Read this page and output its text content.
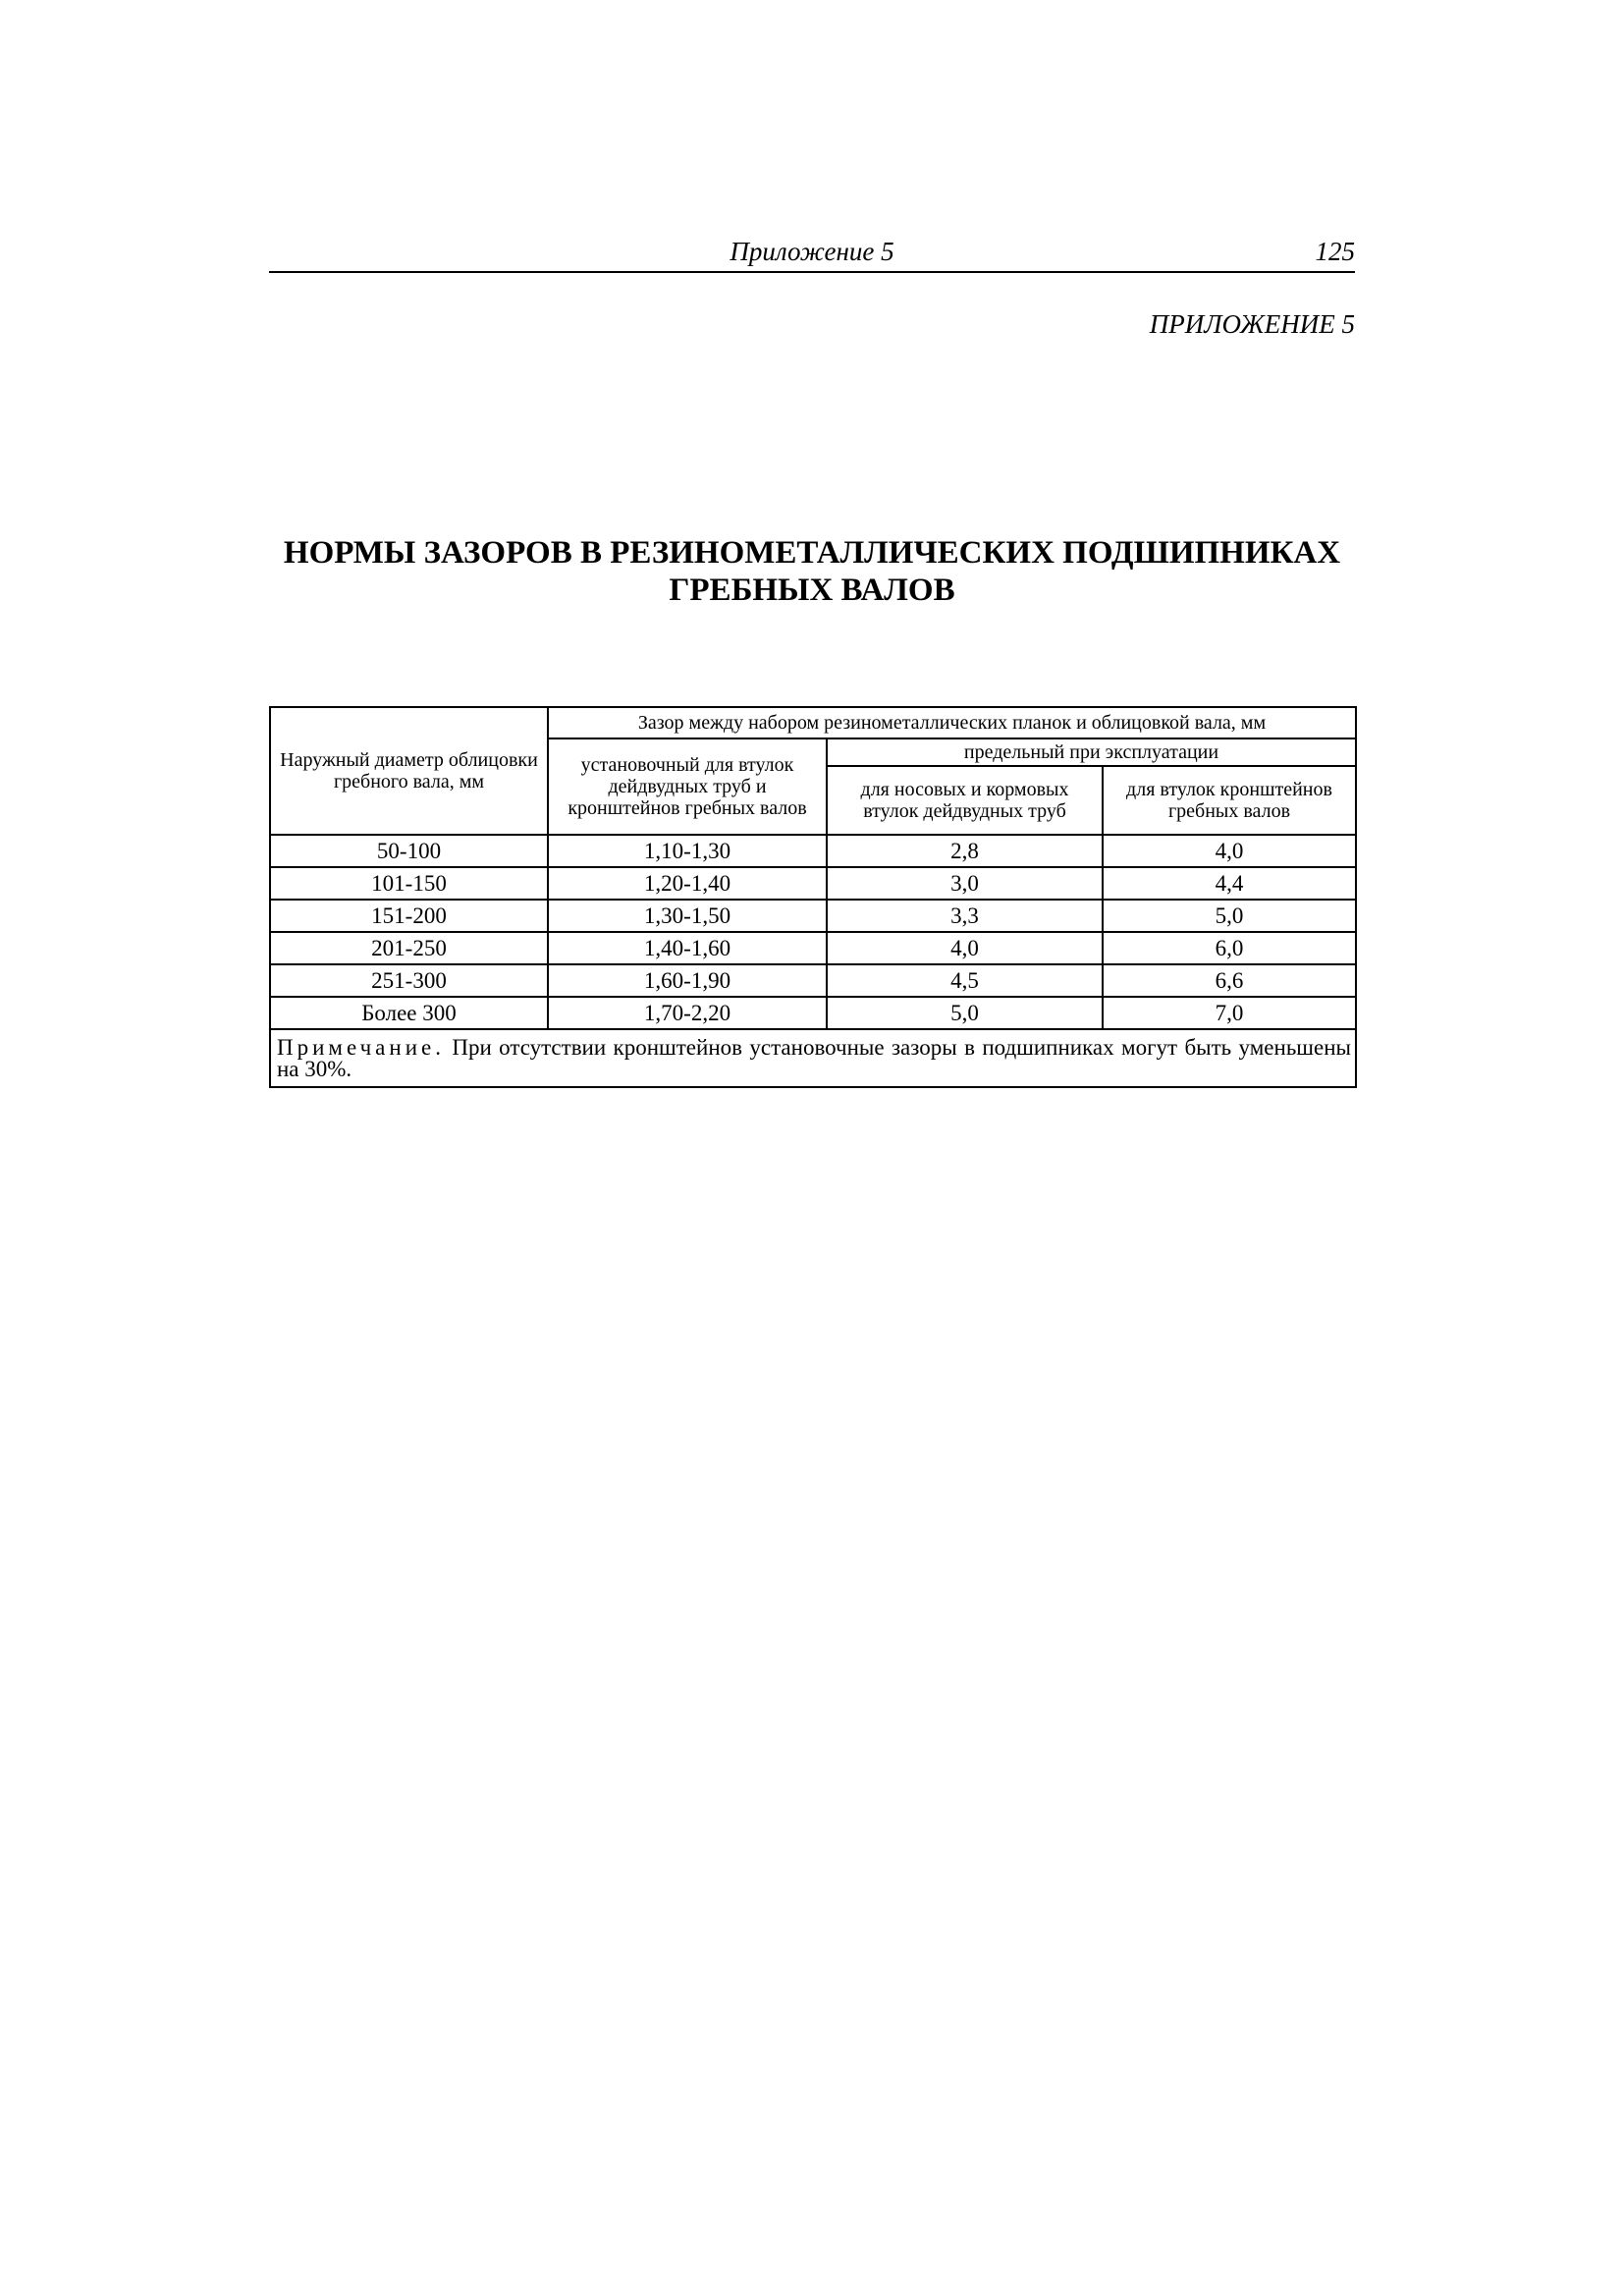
Приложение 5	125
ПРИЛОЖЕНИЕ 5
НОРМЫ ЗАЗОРОВ В РЕЗИНОМЕТАЛЛИЧЕСКИХ ПОДШИПНИКАХ
ГРЕБНЫХ ВАЛОВ
Наружный диаметр облицовки гребного вала, мм	Зазор между набором резинометаллических планок и облицовкой вала, мм		
	установочный для втулок дейдвудных труб и кронштейнов гребных валов	предельный при эксплуатации	
		для носовых и кормовых втулок дейдвудных труб	для втулок кронштейнов гребных валов
50-100	1,10-1,30	2,8	4,0
101-150	1,20-1,40	3,0	4,4
151-200	1,30-1,50	3,3	5,0
201-250	1,40-1,60	4,0	6,0
251-300	1,60-1,90	4,5	6,6
Более 300	1,70-2,20	5,0	7,0
Примечание. При отсутствии кронштейнов установочные зазоры в подшипниках могут быть уменьшены на 30%.			
